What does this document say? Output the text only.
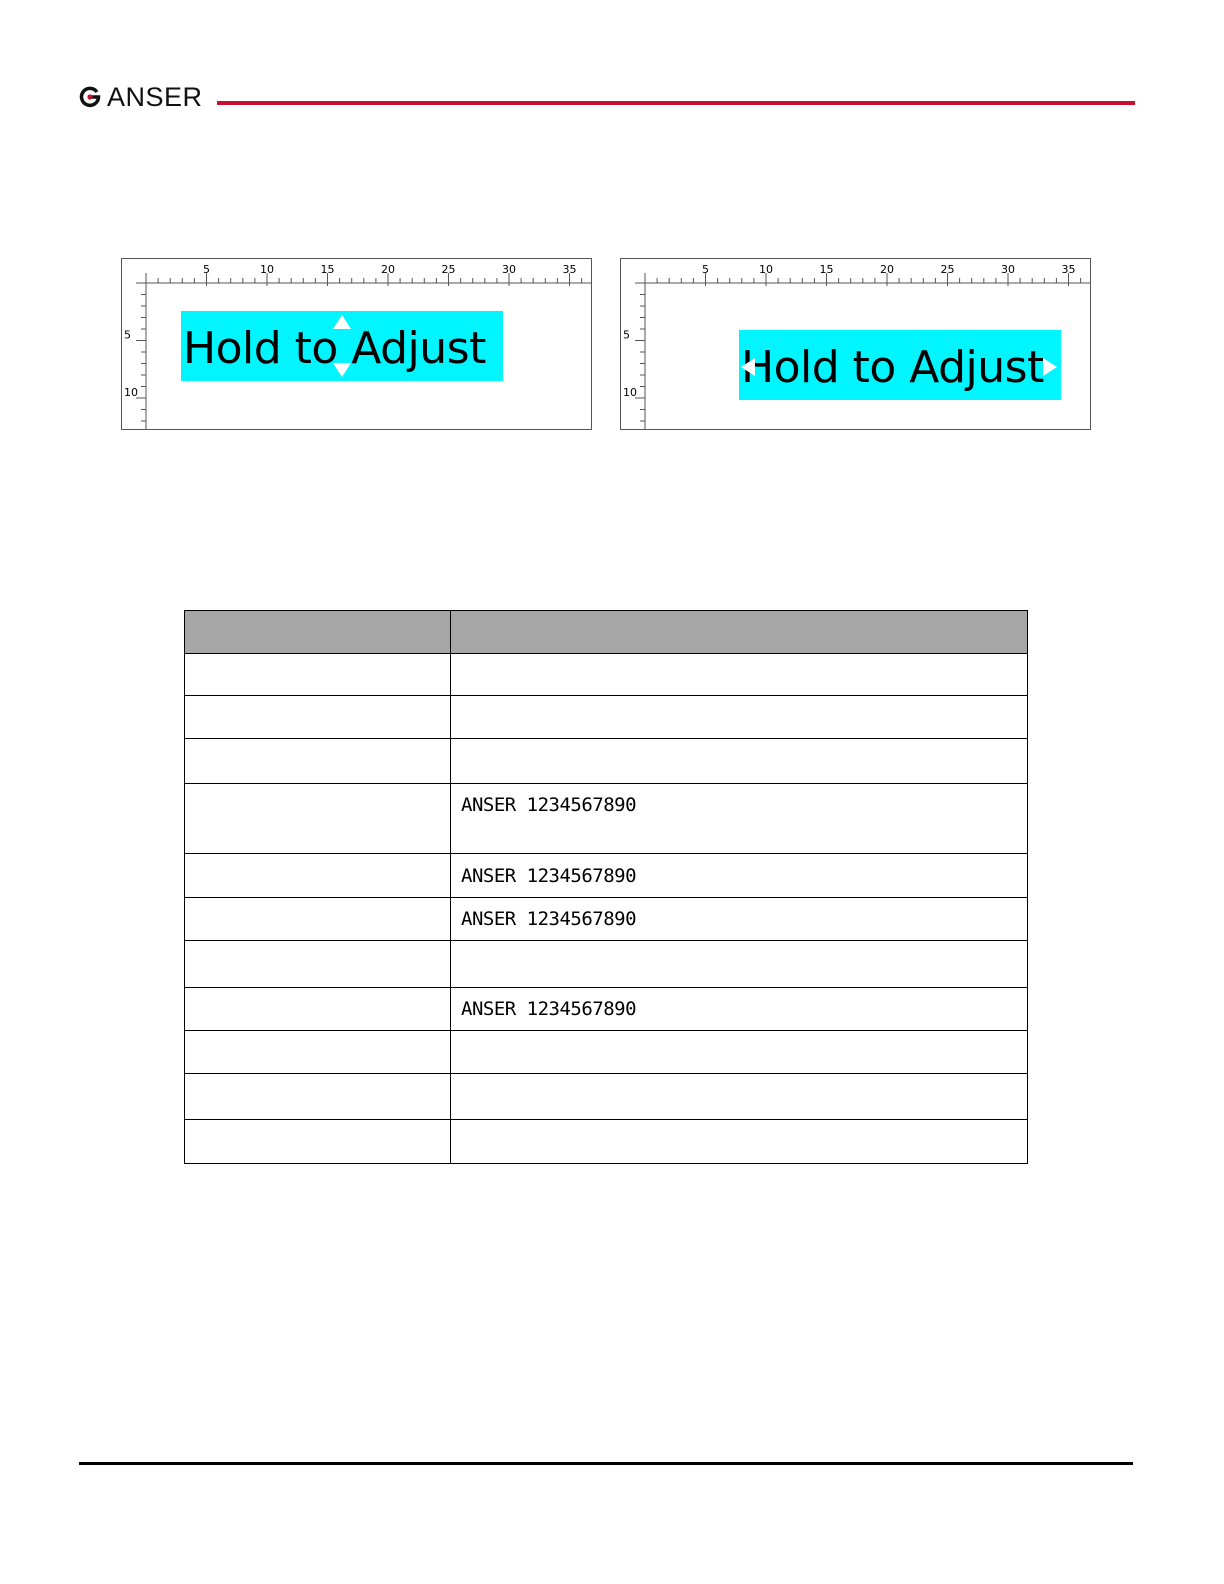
ANSER
5	10	15	20	25	30	35
5
10
Hold to Adjust
5	10	15	20	25	30	35
5
10 Hold to Adjust

	ANSER 1234567890
	ANSER 1234567890
	ANSER 1234567890

	ANSER 1234567890
